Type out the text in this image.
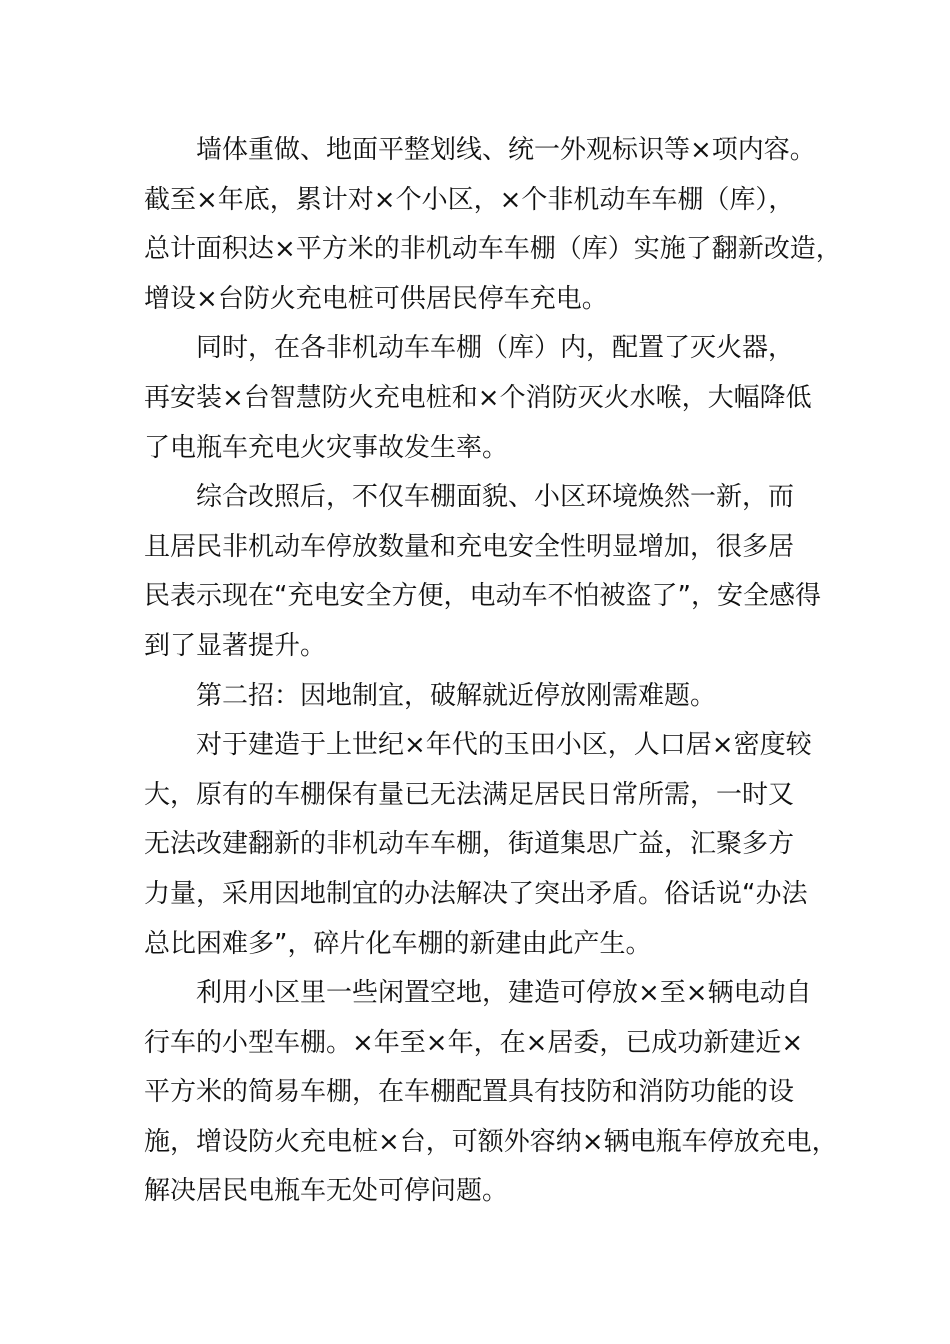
墙体重做、地面平整划线、统一外观标识等×项内容。
截至×年底，累计对×个小区，×个非机动车车棚（库），
总计面积达×平方米的非机动车车棚（库）实施了翻新改造，
增设×台防火充电桩可供居民停车充电。

同时，在各非机动车车棚（库）内，配置了灭火器，
再安装×台智慧防火充电桩和×个消防灭火水喉，大幅降低
了电瓶车充电火灾事故发生率。

综合改照后，不仅车棚面貌、小区环境焕然一新，而
且居民非机动车停放数量和充电安全性明显增加，很多居
民表示现在“充电安全方便，电动车不怕被盗了”，安全感得
到了显著提升。

第二招：因地制宜，破解就近停放刚需难题。

对于建造于上世纪×年代的玉田小区，人口居×密度较
大，原有的车棚保有量已无法满足居民日常所需，一时又
无法改建翻新的非机动车车棚，街道集思广益，汇聚多方
力量，采用因地制宜的办法解决了突出矛盾。俗话说“办法
总比困难多”，碎片化车棚的新建由此产生。

利用小区里一些闲置空地，建造可停放×至×辆电动自
行车的小型车棚。×年至×年，在×居委，已成功新建近×
平方米的简易车棚，在车棚配置具有技防和消防功能的设
施，增设防火充电桩×台，可额外容纳×辆电瓶车停放充电，
解决居民电瓶车无处可停问题。
